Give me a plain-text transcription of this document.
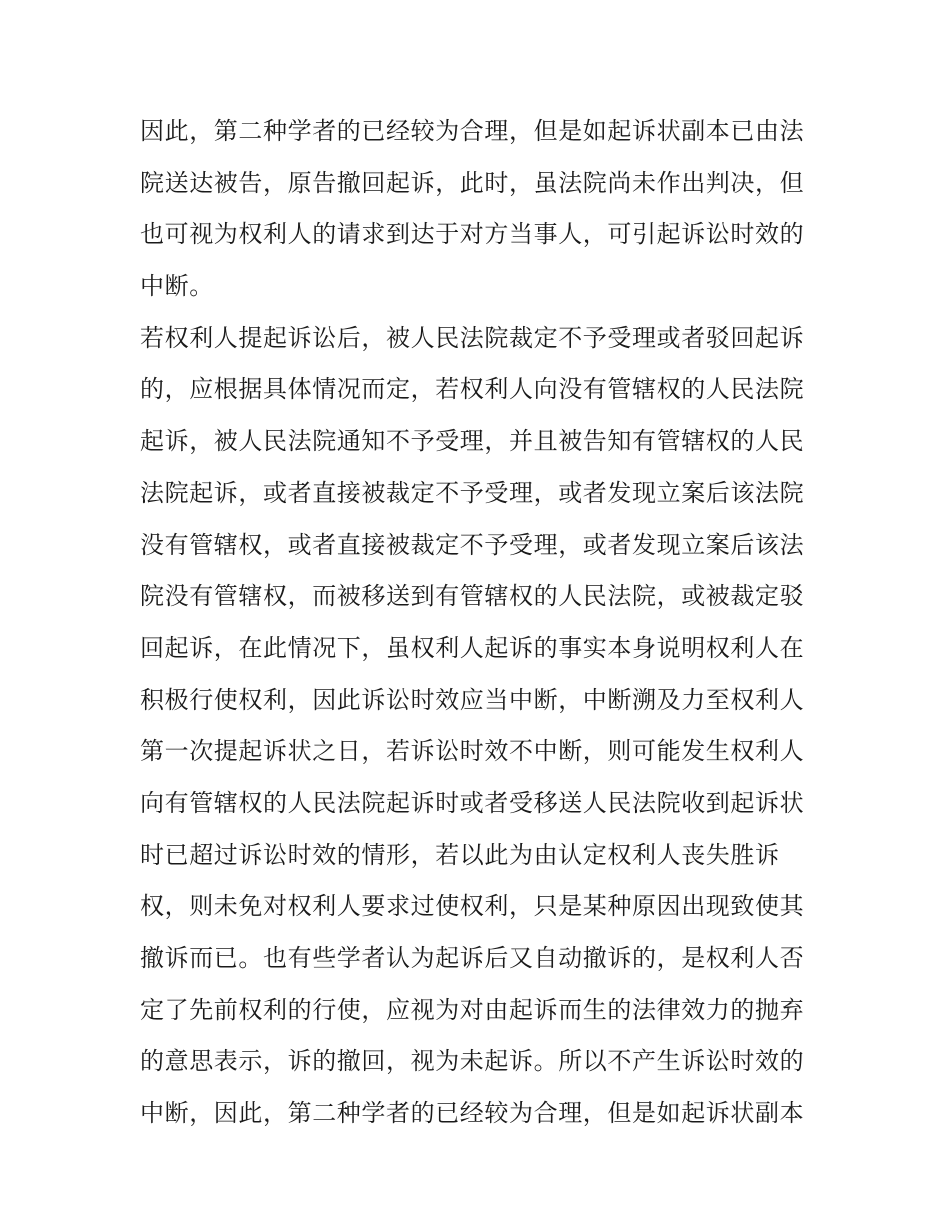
因此，第二种学者的已经较为合理，但是如起诉状副本已由法
院送达被告，原告撤回起诉，此时，虽法院尚未作出判决，但
也可视为权利人的请求到达于对方当事人，可引起诉讼时效的
中断。
若权利人提起诉讼后，被人民法院裁定不予受理或者驳回起诉
的，应根据具体情况而定，若权利人向没有管辖权的人民法院
起诉，被人民法院通知不予受理，并且被告知有管辖权的人民
法院起诉，或者直接被裁定不予受理，或者发现立案后该法院
没有管辖权，或者直接被裁定不予受理，或者发现立案后该法
院没有管辖权，而被移送到有管辖权的人民法院，或被裁定驳
回起诉，在此情况下，虽权利人起诉的事实本身说明权利人在
积极行使权利，因此诉讼时效应当中断，中断溯及力至权利人
第一次提起诉状之日，若诉讼时效不中断，则可能发生权利人
向有管辖权的人民法院起诉时或者受移送人民法院收到起诉状
时已超过诉讼时效的情形，若以此为由认定权利人丧失胜诉
权，则未免对权利人要求过使权利，只是某种原因出现致使其
撤诉而已。也有些学者认为起诉后又自动撤诉的，是权利人否
定了先前权利的行使，应视为对由起诉而生的法律效力的抛弃
的意思表示，诉的撤回，视为未起诉。所以不产生诉讼时效的
中断，因此，第二种学者的已经较为合理，但是如起诉状副本
